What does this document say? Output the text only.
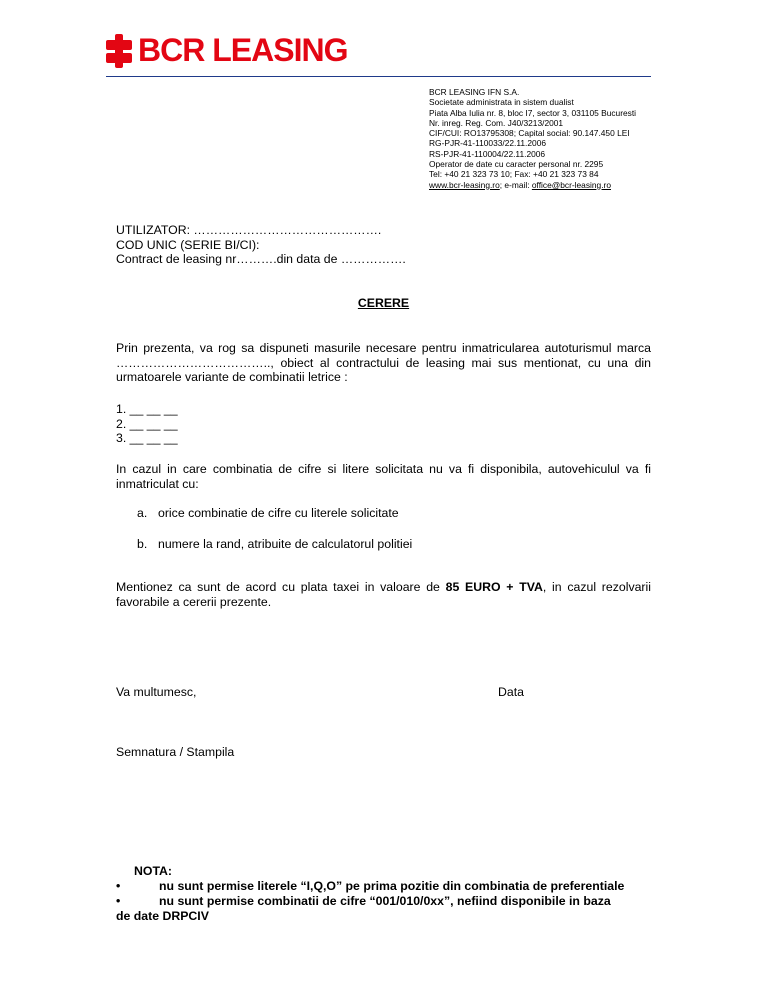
BCR LEASING
BCR LEASING IFN S.A.
Societate administrata in sistem dualist
Piata Alba Iulia nr. 8, bloc I7, sector 3, 031105 Bucuresti
Nr. inreg. Reg. Com. J40/3213/2001
CIF/CUI: RO13795308; Capital social: 90.147.450 LEI
RG-PJR-41-110033/22.11.2006
RS-PJR-41-110004/22.11.2006
Operator de date cu caracter personal nr. 2295
Tel: +40 21 323 73 10; Fax: +40 21 323 73 84
www.bcr-leasing.ro; e-mail: office@bcr-leasing.ro
UTILIZATOR: ……………………………………….
COD UNIC (SERIE BI/CI):
Contract de leasing nr……….din data de …………….
CERERE
Prin prezenta, va rog sa dispuneti masurile necesare pentru inmatricularea autoturismul marca ……………………………….., obiect al contractului de leasing mai sus mentionat, cu una din urmatoarele variante de combinatii letrice :
1. __ __ __
2. __ __ __
3. __ __ __
In cazul in care combinatia de cifre si litere solicitata nu va fi disponibila, autovehiculul va fi inmatriculat cu:
a. orice combinatie de cifre cu literele solicitate
b. numere la rand, atribuite de calculatorul politiei
Mentionez ca sunt de acord cu plata taxei in valoare de 85 EURO + TVA, in cazul rezolvarii favorabile a cererii prezente.
Va multumesc,	Data
Semnatura / Stampila
NOTA:
•	nu sunt permise literele “I,Q,O” pe prima pozitie din combinatia de preferentiale
•	nu sunt permise combinatii de cifre “001/010/0xx”, nefiind disponibile in baza
de date DRPCIV
